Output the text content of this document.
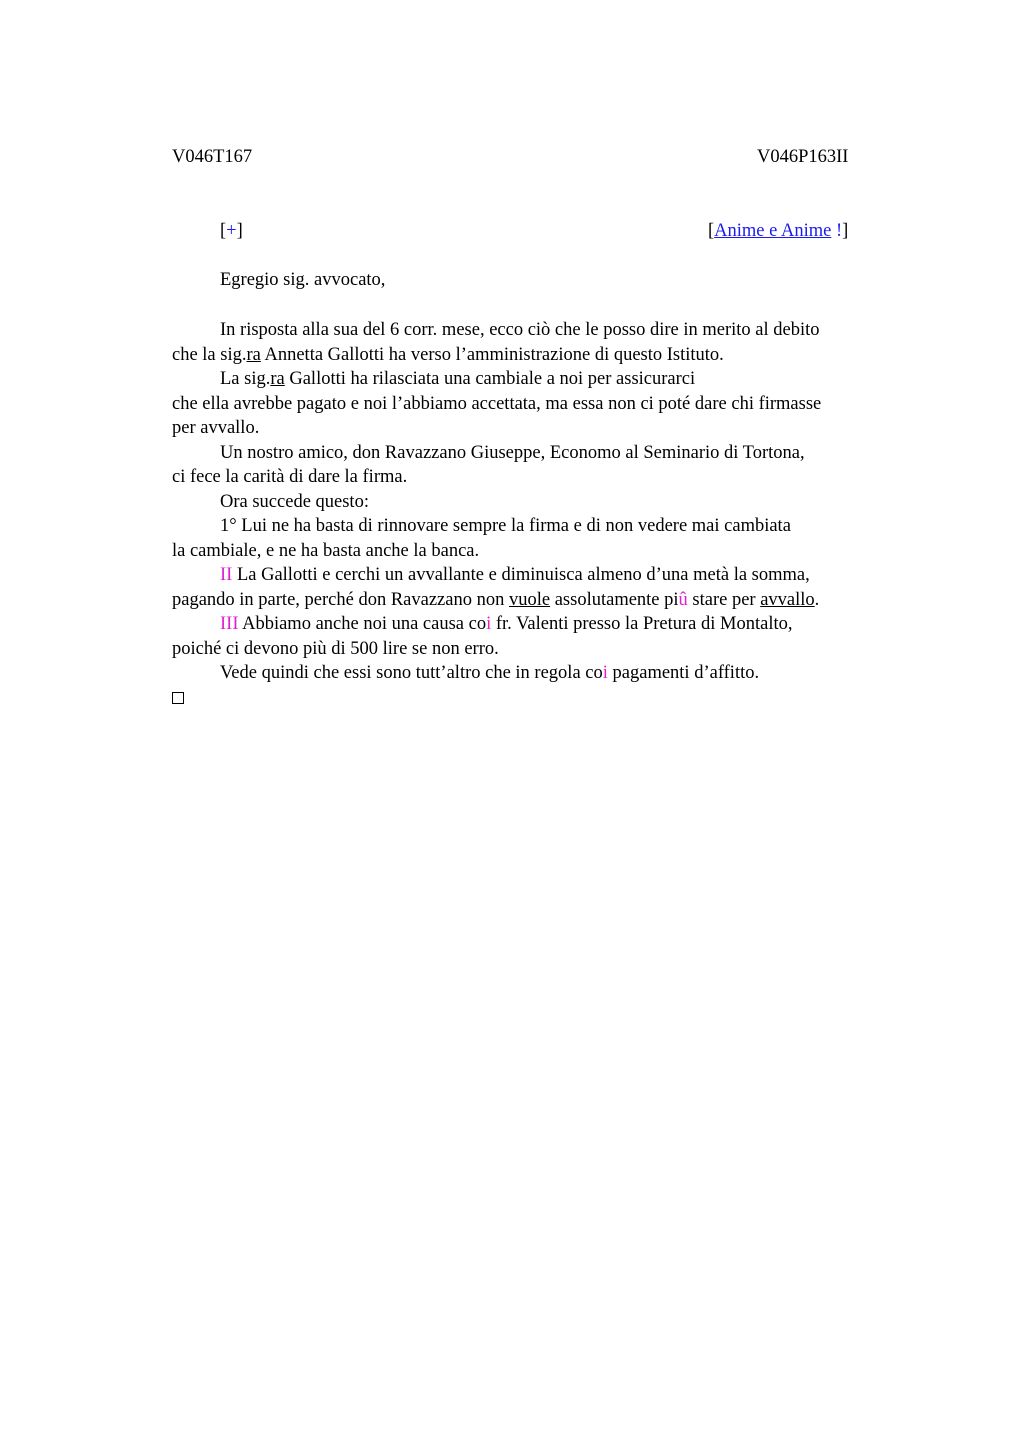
V046T167	V046P163II
[+]	[Anime e Anime !]
Egregio sig. avvocato,
In risposta alla sua del 6 corr. mese, ecco ciò che le posso dire in merito al debito
che la sig.ra Annetta Gallotti ha verso l’amministrazione di questo Istituto.
La sig.ra Gallotti ha rilasciata una cambiale a noi per assicurarci
che ella avrebbe pagato e noi l’abbiamo accettata, ma essa non ci poté dare chi firmasse
per avvallo.
Un nostro amico, don Ravazzano Giuseppe, Economo al Seminario di Tortona,
ci fece la carità di dare la firma.
Ora succede questo:
1° Lui ne ha basta di rinnovare sempre la firma e di non vedere mai cambiata
la cambiale, e ne ha basta anche la banca.
II La Gallotti e cerchi un avvallante e diminuisca almeno d’una metà la somma,
pagando in parte, perché don Ravazzano non vuole assolutamente piû stare per avvallo.
III Abbiamo anche noi una causa coi fr. Valenti presso la Pretura di Montalto,
poiché ci devono più di 500 lire se non erro.
Vede quindi che essi sono tutt’altro che in regola coi pagamenti d’affitto.
